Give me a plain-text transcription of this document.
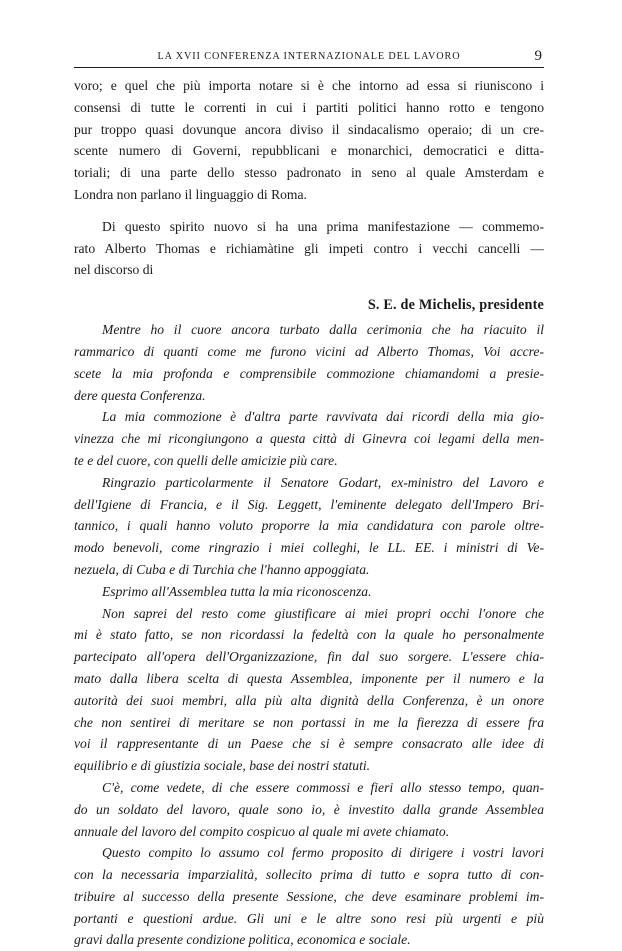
LA XVII CONFERENZA INTERNAZIONALE DEL LAVORO	9
voro; e quel che più importa notare si è che intorno ad essa si riuniscono i
consensi di tutte le correnti in cui i partiti politici hanno rotto e tengono
pur troppo quasi dovunque ancora diviso il sindacalismo operaio; di un cre-
scente numero di Governi, repubblicani e monarchici, democratici e ditta-
toriali; di una parte dello stesso padronato in seno al quale Amsterdam e
Londra non parlano il linguaggio di Roma.
Di questo spirito nuovo si ha una prima manifestazione — commemo-
rato Alberto Thomas e richiamàtine gli impeti contro i vecchi cancelli —
nel discorso di
S. E. de Michelis, presidente
Mentre ho il cuore ancora turbato dalla cerimonia che ha riacuito il
rammarico di quanti come me furono vicini ad Alberto Thomas, Voi accre-
scete la mia profonda e comprensibile commozione chiamandomi a presie-
dere questa Conferenza.
La mia commozione è d'altra parte ravvivata dai ricordi della mia gio-
vinezza che mi ricongiungono a questa città di Ginevra coi legami della men-
te e del cuore, con quelli delle amicizie più care.
Ringrazio particolarmente il Senatore Godart, ex-ministro del Lavoro e
dell'Igiene di Francia, e il Sig. Leggett, l'eminente delegato dell'Impero Bri-
tannico, i quali hanno voluto proporre la mia candidatura con parole oltre-
modo benevoli, come ringrazio i miei colleghi, le LL. EE. i ministri di Ve-
nezuela, di Cuba e di Turchia che l'hanno appoggiata.
Esprimo all'Assemblea tutta la mia riconoscenza.
Non saprei del resto come giustificare ai miei propri occhi l'onore che
mi è stato fatto, se non ricordassi la fedeltà con la quale ho personalmente
partecipato all'opera dell'Organizzazione, fin dal suo sorgere. L'essere chia-
mato dalla libera scelta di questa Assemblea, imponente per il numero e la
autorità dei suoi membri, alla più alta dignità della Conferenza, è un onore
che non sentirei di meritare se non portassi in me la fierezza di essere fra
voi il rappresentante di un Paese che si è sempre consacrato alle idee di
equilibrio e di giustizia sociale, base dei nostri statuti.
C'è, come vedete, di che essere commossi e fieri allo stesso tempo, quan-
do un soldato del lavoro, quale sono io, è investito dalla grande Assemblea
annuale del lavoro del compito cospicuo al quale mi avete chiamato.
Questo compito lo assumo col fermo proposito di dirigere i vostri lavori
con la necessaria imparzialità, sollecito prima di tutto e sopra tutto di con-
tribuire al successo della presente Sessione, che deve esaminare problemi im-
portanti e questioni ardue. Gli uni e le altre sono resi più urgenti e più
gravi dalla presente condizione politica, economica e sociale.
